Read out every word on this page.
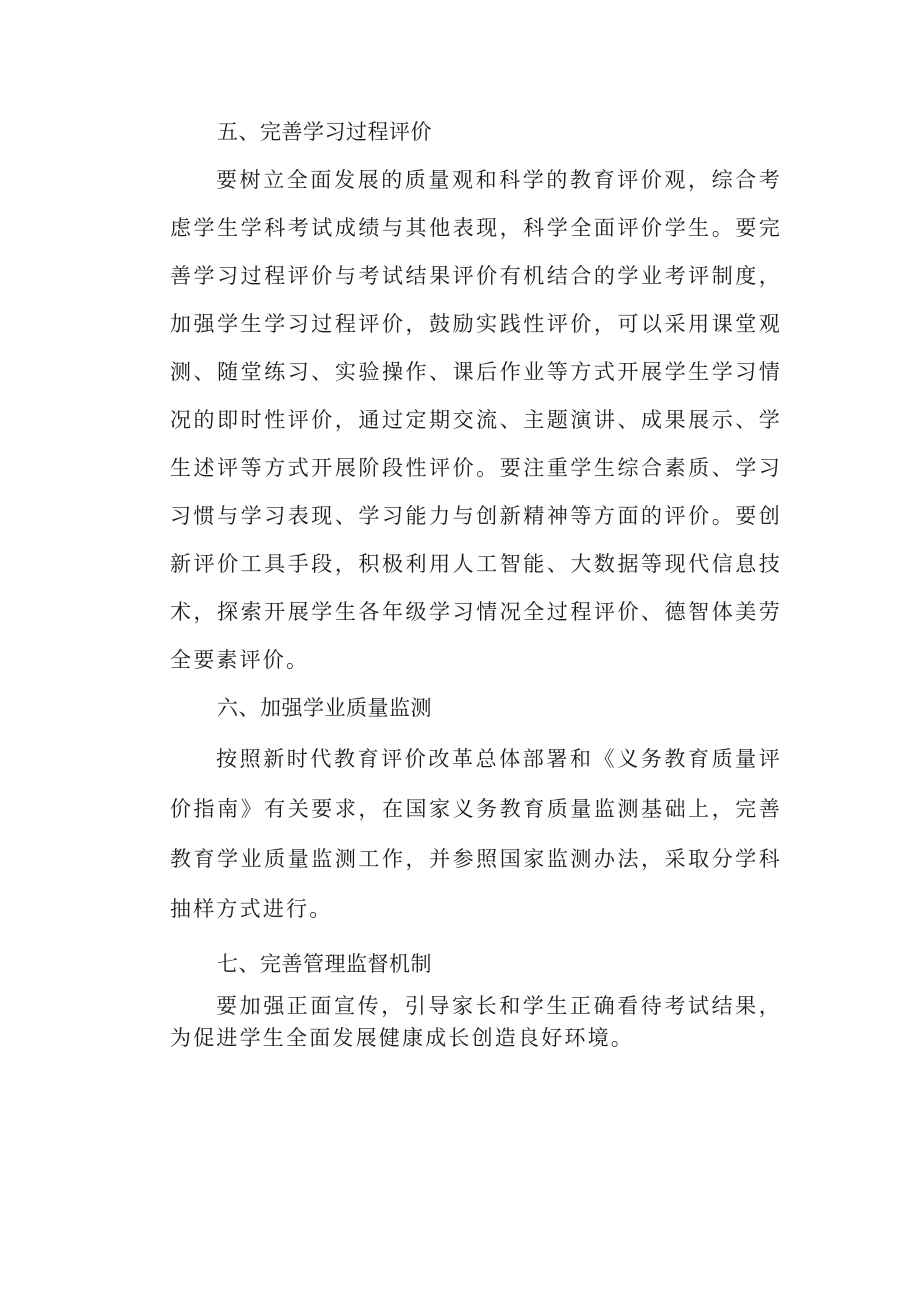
五、完善学习过程评价

要树立全面发展的质量观和科学的教育评价观，综合考虑学生学科考试成绩与其他表现，科学全面评价学生。要完善学习过程评价与考试结果评价有机结合的学业考评制度，加强学生学习过程评价，鼓励实践性评价，可以采用课堂观测、随堂练习、实验操作、课后作业等方式开展学生学习情况的即时性评价，通过定期交流、主题演讲、成果展示、学生述评等方式开展阶段性评价。要注重学生综合素质、学习习惯与学习表现、学习能力与创新精神等方面的评价。要创新评价工具手段，积极利用人工智能、大数据等现代信息技术，探索开展学生各年级学习情况全过程评价、德智体美劳全要素评价。

六、加强学业质量监测

按照新时代教育评价改革总体部署和《义务教育质量评价指南》有关要求，在国家义务教育质量监测基础上，完善教育学业质量监测工作，并参照国家监测办法，采取分学科抽样方式进行。

七、完善管理监督机制

要加强正面宣传，引导家长和学生正确看待考试结果，为促进学生全面发展健康成长创造良好环境。
